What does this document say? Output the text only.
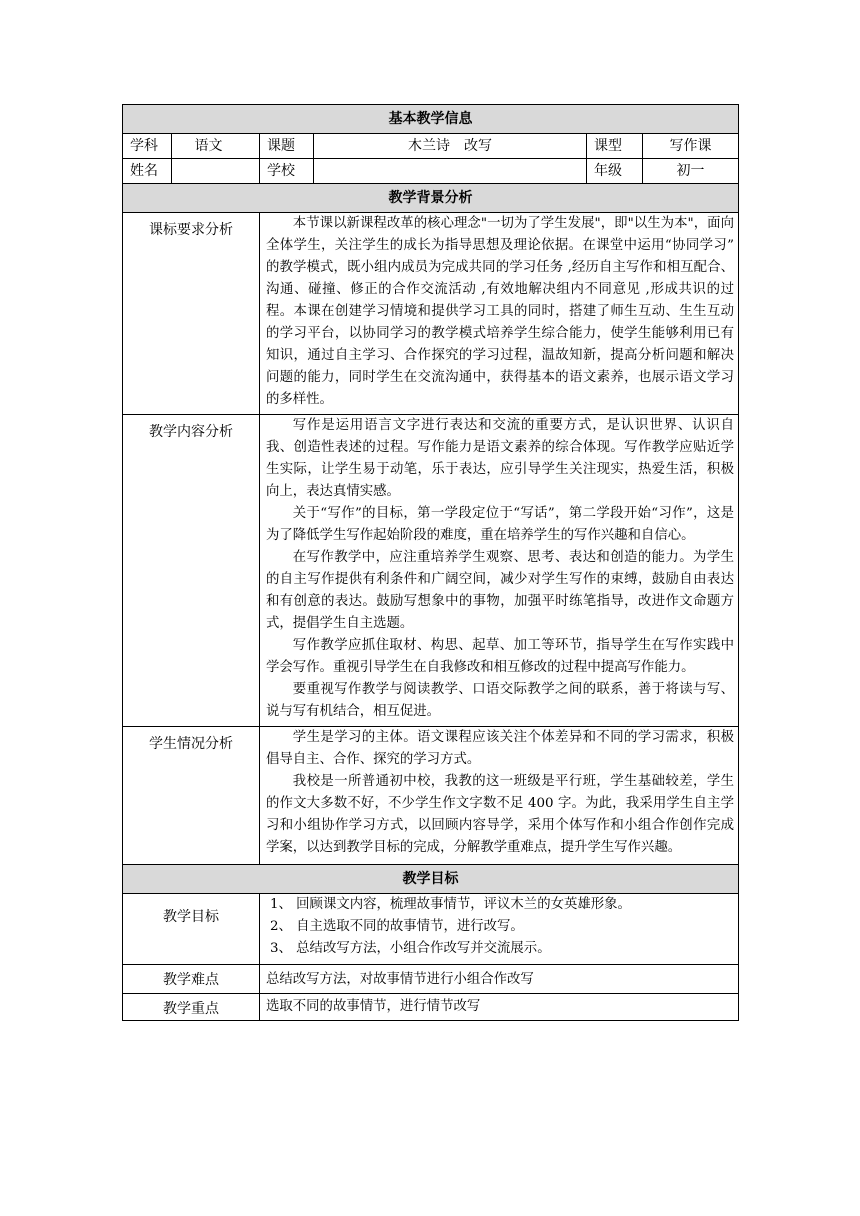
基本教学信息					
学科	语文	课题	木兰诗　改写	课型	写作课
姓名		学校		年级	初一
教学背景分析					
课标要求分析		本节课以新课程改革的核心理念"一切为了学生发展"，即"以生为本"，面向全体学生，关注学生的成长为指导思想及理论依据。在课堂中运用“协同学习” 的教学模式，既小组内成员为完成共同的学习任务 ,经历自主写作和相互配合、沟通、碰撞、修正的合作交流活动 ,有效地解决组内不同意见 ,形成共识的过程。本课在创建学习情境和提供学习工具的同时，搭建了师生互动、生生互动的学习平台，以协同学习的教学模式培养学生综合能力，使学生能够利用已有知识，通过自主学习、合作探究的学习过程，温故知新，提高分析问题和解决问题的能力，同时学生在交流沟通中，获得基本的语文素养，也展示语文学习的多样性。			

教学内容分析		写作是运用语言文字进行表达和交流的重要方式，是认识世界、认识自我、创造性表述的过程。写作能力是语文素养的综合体现。写作教学应贴近学生实际，让学生易于动笔，乐于表达，应引导学生关注现实，热爱生活，积极向上，表达真情实感。

关于“写作”的目标，第一学段定位于“写话”，第二学段开始“习作”，这是为了降低学生写作起始阶段的难度，重在培养学生的写作兴趣和自信心。

在写作教学中，应注重培养学生观察、思考、表达和创造的能力。为学生的自主写作提供有利条件和广阔空间，减少对学生写作的束缚，鼓励自由表达和有创意的表达。鼓励写想象中的事物，加强平时练笔指导，改进作文命题方式，提倡学生自主选题。

写作教学应抓住取材、构思、起草、加工等环节，指导学生在写作实践中学会写作。重视引导学生在自我修改和相互修改的过程中提高写作能力。

要重视写作教学与阅读教学、口语交际教学之间的联系，善于将读与写、说与写有机结合，相互促进。			

学生情况分析		学生是学习的主体。语文课程应该关注个体差异和不同的学习需求，积极倡导自主、合作、探究的学习方式。

我校是一所普通初中校，我教的这一班级是平行班，学生基础较差，学生的作文大多数不好，不少学生作文字数不足 400 字。为此，我采用学生自主学习和小组协作学习方式，以回顾内容导学，采用个体写作和小组合作创作完成学案，以达到教学目标的完成，分解教学重难点，提升学生写作兴趣。			

教学目标					
教学目标		1、 回顾课文内容，梳理故事情节，评议木兰的女英雄形象。

2、 自主选取不同的故事情节，进行改写。

3、 总结改写方法，小组合作改写并交流展示。			

教学难点		总结改写方法，对故事情节进行小组合作改写			
教学重点		选取不同的故事情节，进行情节改写			
